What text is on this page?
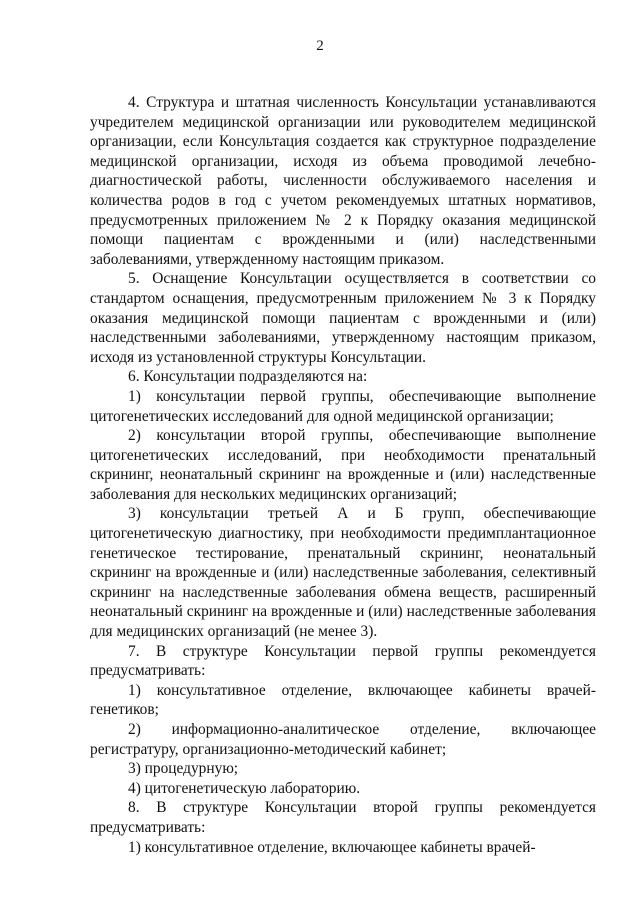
2

4. Структура и штатная численность Консультации устанавливаются учредителем медицинской организации или руководителем медицинской организации, если Консультация создается как структурное подразделение медицинской организации, исходя из объема проводимой лечебно-диагностической работы, численности обслуживаемого населения и количества родов в год с учетом рекомендуемых штатных нормативов, предусмотренных приложением № 2 к Порядку оказания медицинской помощи пациентам с врожденными и (или) наследственными заболеваниями, утвержденному настоящим приказом.

5. Оснащение Консультации осуществляется в соответствии со стандартом оснащения, предусмотренным приложением № 3 к Порядку оказания медицинской помощи пациентам с врожденными и (или) наследственными заболеваниями, утвержденному настоящим приказом, исходя из установленной структуры Консультации.

6. Консультации подразделяются на:

1) консультации первой группы, обеспечивающие выполнение цитогенетических исследований для одной медицинской организации;

2) консультации второй группы, обеспечивающие выполнение цитогенетических исследований, при необходимости пренатальный скрининг, неонатальный скрининг на врожденные и (или) наследственные заболевания для нескольких медицинских организаций;

3) консультации третьей А и Б групп, обеспечивающие цитогенетическую диагностику, при необходимости предимплантационное генетическое тестирование, пренатальный скрининг, неонатальный скрининг на врожденные и (или) наследственные заболевания, селективный скрининг на наследственные заболевания обмена веществ, расширенный неонатальный скрининг на врожденные и (или) наследственные заболевания для медицинских организаций (не менее 3).

7. В структуре Консультации первой группы рекомендуется предусматривать:

1) консультативное отделение, включающее кабинеты врачей-генетиков;

2) информационно-аналитическое отделение, включающее регистратуру, организационно-методический кабинет;

3) процедурную;

4) цитогенетическую лабораторию.

8. В структуре Консультации второй группы рекомендуется предусматривать:

1) консультативное отделение, включающее кабинеты врачей-
